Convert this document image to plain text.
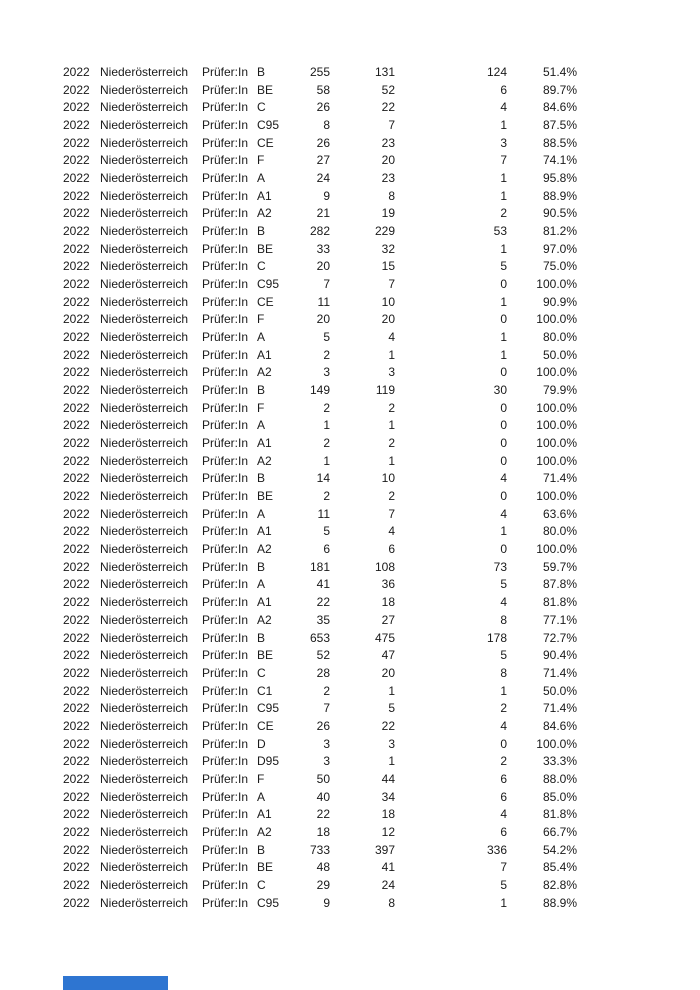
2022	Niederösterreich	Prüfer:In	B	255	131	124	51.4%
2022	Niederösterreich	Prüfer:In	BE	58	52	6	89.7%
2022	Niederösterreich	Prüfer:In	C	26	22	4	84.6%
2022	Niederösterreich	Prüfer:In	C95	8	7	1	87.5%
2022	Niederösterreich	Prüfer:In	CE	26	23	3	88.5%
2022	Niederösterreich	Prüfer:In	F	27	20	7	74.1%
2022	Niederösterreich	Prüfer:In	A	24	23	1	95.8%
2022	Niederösterreich	Prüfer:In	A1	9	8	1	88.9%
2022	Niederösterreich	Prüfer:In	A2	21	19	2	90.5%
2022	Niederösterreich	Prüfer:In	B	282	229	53	81.2%
2022	Niederösterreich	Prüfer:In	BE	33	32	1	97.0%
2022	Niederösterreich	Prüfer:In	C	20	15	5	75.0%
2022	Niederösterreich	Prüfer:In	C95	7	7	0	100.0%
2022	Niederösterreich	Prüfer:In	CE	11	10	1	90.9%
2022	Niederösterreich	Prüfer:In	F	20	20	0	100.0%
2022	Niederösterreich	Prüfer:In	A	5	4	1	80.0%
2022	Niederösterreich	Prüfer:In	A1	2	1	1	50.0%
2022	Niederösterreich	Prüfer:In	A2	3	3	0	100.0%
2022	Niederösterreich	Prüfer:In	B	149	119	30	79.9%
2022	Niederösterreich	Prüfer:In	F	2	2	0	100.0%
2022	Niederösterreich	Prüfer:In	A	1	1	0	100.0%
2022	Niederösterreich	Prüfer:In	A1	2	2	0	100.0%
2022	Niederösterreich	Prüfer:In	A2	1	1	0	100.0%
2022	Niederösterreich	Prüfer:In	B	14	10	4	71.4%
2022	Niederösterreich	Prüfer:In	BE	2	2	0	100.0%
2022	Niederösterreich	Prüfer:In	A	11	7	4	63.6%
2022	Niederösterreich	Prüfer:In	A1	5	4	1	80.0%
2022	Niederösterreich	Prüfer:In	A2	6	6	0	100.0%
2022	Niederösterreich	Prüfer:In	B	181	108	73	59.7%
2022	Niederösterreich	Prüfer:In	A	41	36	5	87.8%
2022	Niederösterreich	Prüfer:In	A1	22	18	4	81.8%
2022	Niederösterreich	Prüfer:In	A2	35	27	8	77.1%
2022	Niederösterreich	Prüfer:In	B	653	475	178	72.7%
2022	Niederösterreich	Prüfer:In	BE	52	47	5	90.4%
2022	Niederösterreich	Prüfer:In	C	28	20	8	71.4%
2022	Niederösterreich	Prüfer:In	C1	2	1	1	50.0%
2022	Niederösterreich	Prüfer:In	C95	7	5	2	71.4%
2022	Niederösterreich	Prüfer:In	CE	26	22	4	84.6%
2022	Niederösterreich	Prüfer:In	D	3	3	0	100.0%
2022	Niederösterreich	Prüfer:In	D95	3	1	2	33.3%
2022	Niederösterreich	Prüfer:In	F	50	44	6	88.0%
2022	Niederösterreich	Prüfer:In	A	40	34	6	85.0%
2022	Niederösterreich	Prüfer:In	A1	22	18	4	81.8%
2022	Niederösterreich	Prüfer:In	A2	18	12	6	66.7%
2022	Niederösterreich	Prüfer:In	B	733	397	336	54.2%
2022	Niederösterreich	Prüfer:In	BE	48	41	7	85.4%
2022	Niederösterreich	Prüfer:In	C	29	24	5	82.8%
2022	Niederösterreich	Prüfer:In	C95	9	8	1	88.9%
